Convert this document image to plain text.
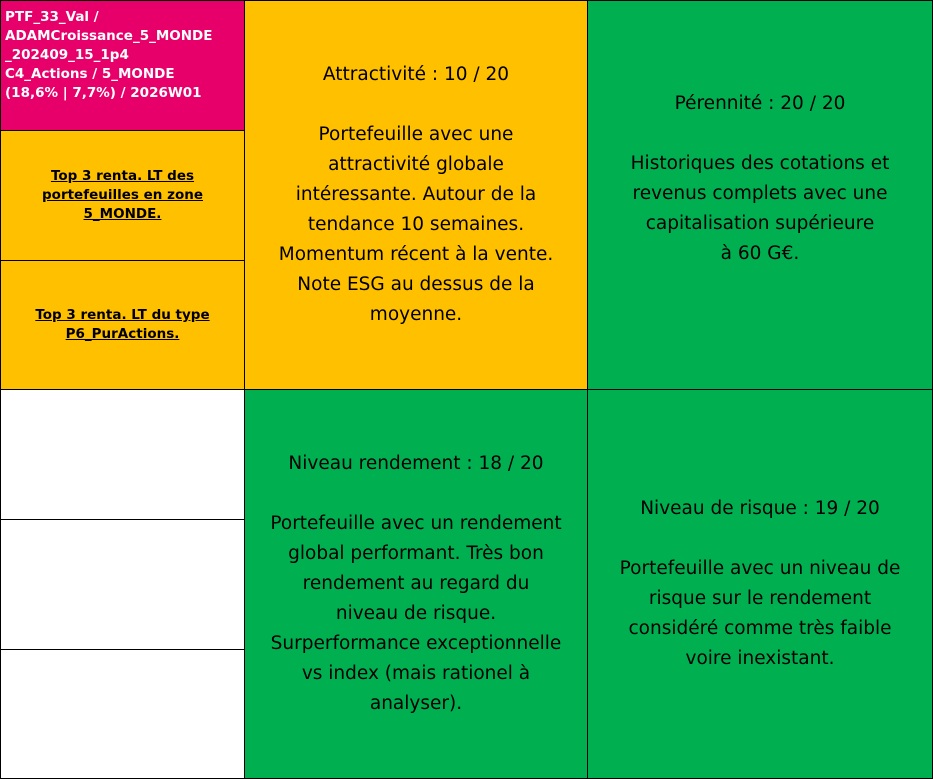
PTF_33_Val /
ADAMCroissance_5_MONDE
_202409_15_1p4
C4_Actions / 5_MONDE
(18,6% | 7,7%) / 2026W01
Top 3 renta. LT des portefeuilles en zone 5_MONDE.
Top 3 renta. LT du type P6_PurActions.
Attractivité : 10 / 20
Portefeuille avec une
attractivité globale
intéressante. Autour de la
tendance 10 semaines.
Momentum récent à la vente.
Note ESG au dessus de la
moyenne.
Pérennité : 20 / 20
Historiques des cotations et
revenus complets avec une
capitalisation supérieure
à 60 G€.
Niveau rendement : 18 / 20
Portefeuille avec un rendement
global performant. Très bon
rendement au regard du
niveau de risque.
Surperformance exceptionnelle
vs index (mais rationel à
analyser).
Niveau de risque : 19 / 20
Portefeuille avec un niveau de
risque sur le rendement
considéré comme très faible
voire inexistant.
